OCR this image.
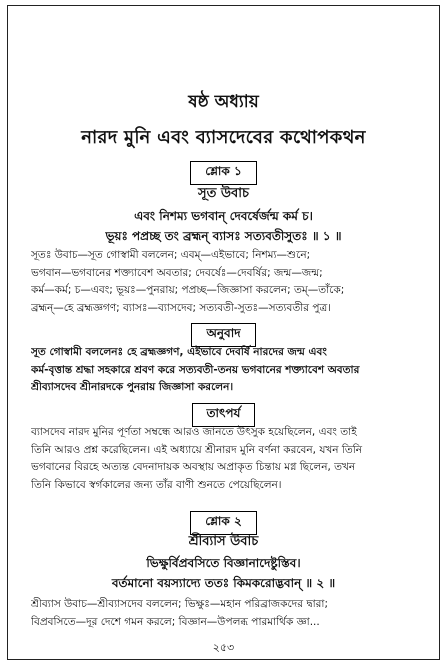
ষষ্ঠ অধ্যায়
নারদ মুনি এবং ব্যাসদেবের কথোপকথন
শ্লোক ১
সূত উবাচ
এবং নিশম্য ভগবান্ দেবর্ষের্জন্ম কর্ম চ।
ভূয়ঃ পপ্রচ্ছ তং ব্রহ্মন্ ব্যাসঃ সত্যবতীসুতঃ ॥ ১ ॥
সূতঃ উবাচ—সূত গোস্বামী বললেন; এবম্—এইভাবে; নিশম্য—শুনে;
ভগবান—ভগবানের শক্ত্যাবেশ অবতার; দেবর্ষেঃ—দেবর্ষির; জন্ম—জন্ম;
কর্ম—কর্ম; চ—এবং; ভূয়ঃ—পুনরায়; পপ্রচ্ছ—জিজ্ঞাসা করলেন; তম্—তাঁকে;
ব্রহ্মন্—হে ব্রহ্মজ্ঞগণ; ব্যাসঃ—ব্যাসদেব; সত্যবতী-সুতঃ—সত্যবতীর পুত্র।
অনুবাদ
সূত গোস্বামী বললেনঃ হে ব্রহ্মজ্ঞগণ, এইভাবে দেবর্ষি নারদের জন্ম এবং
কর্ম-বৃত্তান্ত শ্রদ্ধা সহকারে শ্রবণ করে সত্যবতী-তনয় ভগবানের শক্ত্যাবেশ অবতার
শ্রীব্যাসদেব শ্রীনারদকে পুনরায় জিজ্ঞাসা করলেন।
তাৎপর্য
ব্যাসদেব নারদ মুনির পূর্ণতা সম্বন্ধে আরও জানতে উৎসুক হয়েছিলেন, এবং তাই
তিনি আরও প্রশ্ন করেছিলেন। এই অধ্যায়ে শ্রীনারদ মুনি বর্ণনা করবেন, যখন তিনি
ভগবানের বিরহে অত্যন্ত বেদনাদায়ক অবস্থায় অপ্রাকৃত চিন্তায় মগ্ন ছিলেন, তখন
তিনি কিভাবে স্বর্গকালের জন্য তাঁর বাণী শুনতে পেয়েছিলেন।
শ্লোক ২
শ্রীব্যাস উবাচ
ভিক্ষুর্বিপ্রবসিতে বিজ্ঞানাদেষ্টুস্তিব।
বর্তমানো বয়স্যাদ্যে ততঃ কিমকরোদ্ভবান্ ॥ ২ ॥
শ্রীব্যাস উবাচ—শ্রীব্যাসদেব বললেন; ভিক্ষুঃ—মহান পরিব্রাজকদের দ্বারা;
বিপ্রবসিতে—দূর দেশে গমন করলে; বিজ্ঞান—উপলব্ধ পারমার্থিক জ্ঞা...
২৫৩
